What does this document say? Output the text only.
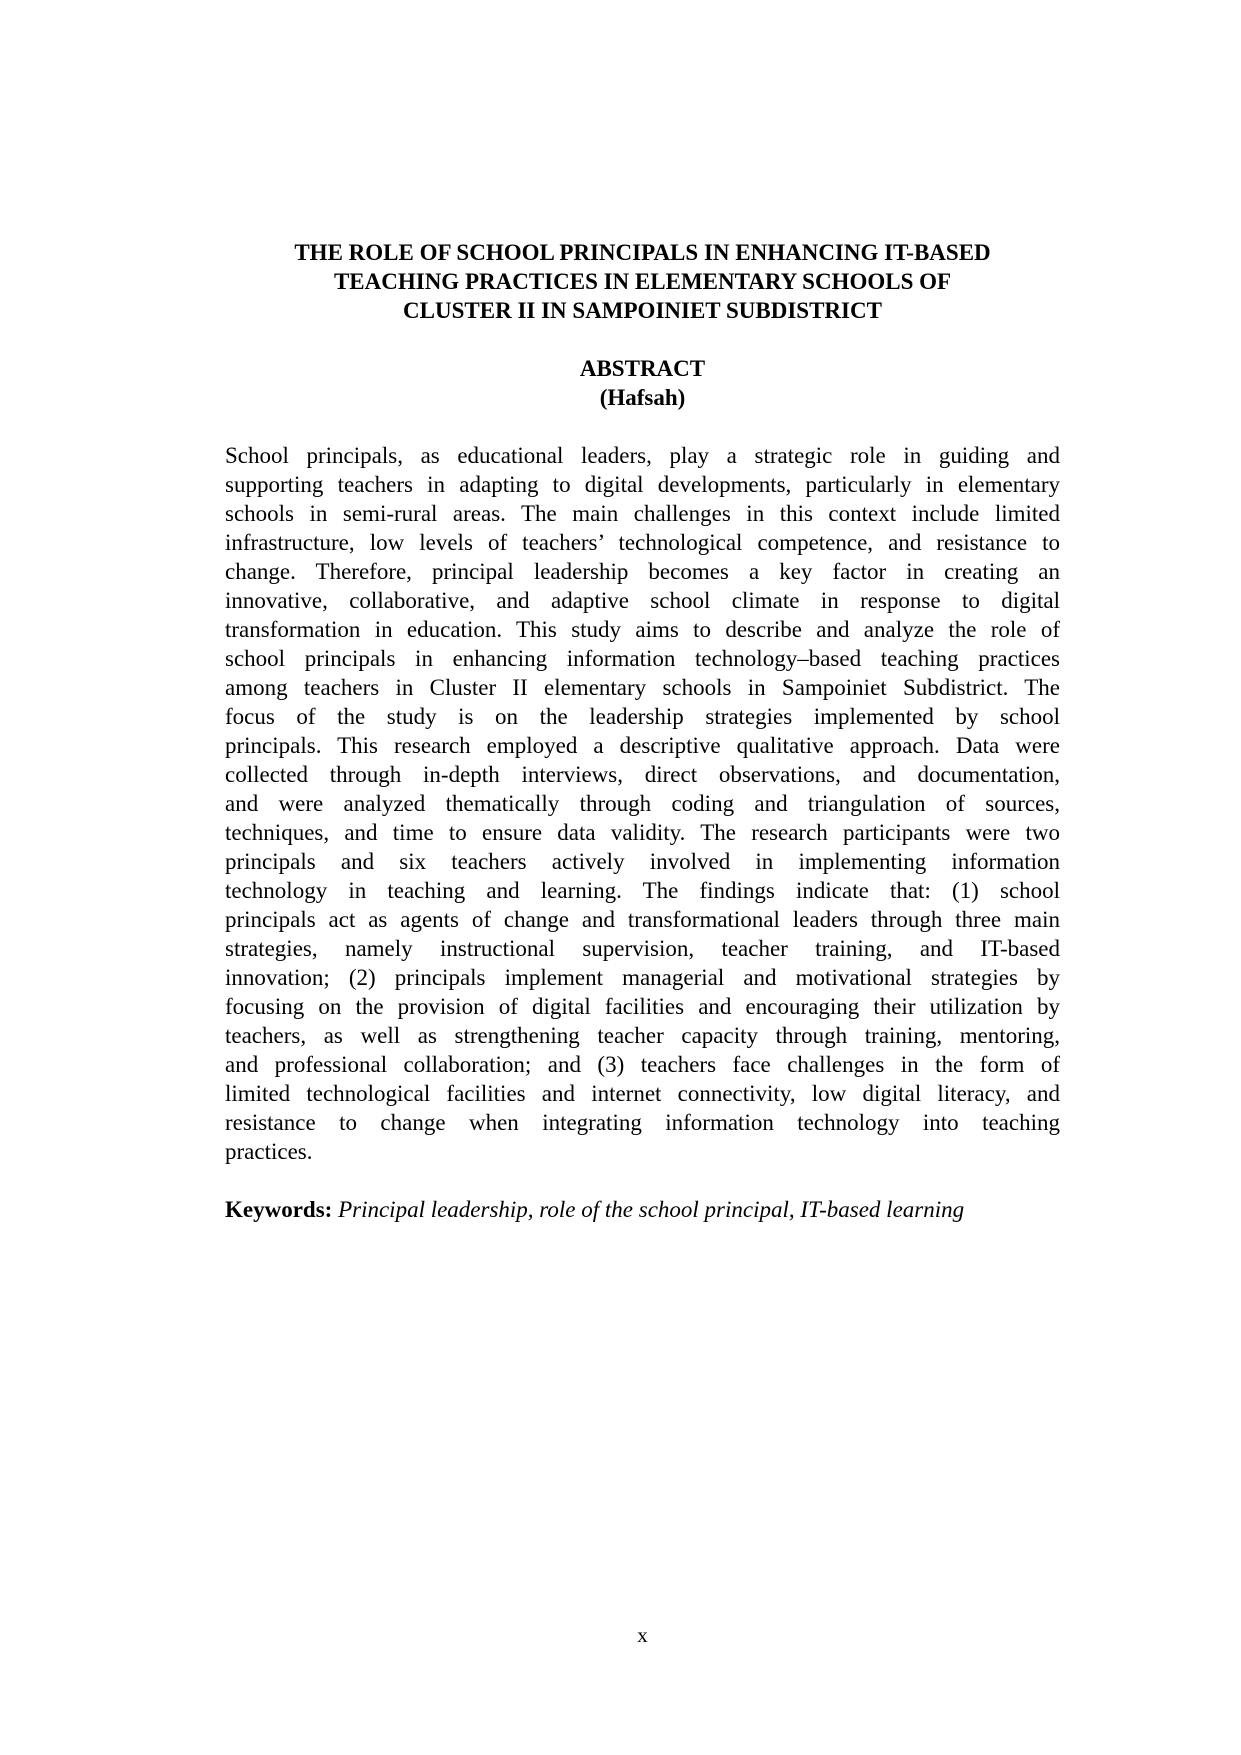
THE ROLE OF SCHOOL PRINCIPALS IN ENHANCING IT-BASED
TEACHING PRACTICES IN ELEMENTARY SCHOOLS OF
CLUSTER II IN SAMPOINIET SUBDISTRICT
ABSTRACT
(Hafsah)
School principals, as educational leaders, play a strategic role in guiding and
supporting teachers in adapting to digital developments, particularly in elementary
schools in semi-rural areas. The main challenges in this context include limited
infrastructure, low levels of teachers’ technological competence, and resistance to
change. Therefore, principal leadership becomes a key factor in creating an
innovative, collaborative, and adaptive school climate in response to digital
transformation in education. This study aims to describe and analyze the role of
school principals in enhancing information technology–based teaching practices
among teachers in Cluster II elementary schools in Sampoiniet Subdistrict. The
focus of the study is on the leadership strategies implemented by school
principals. This research employed a descriptive qualitative approach. Data were
collected through in-depth interviews, direct observations, and documentation,
and were analyzed thematically through coding and triangulation of sources,
techniques, and time to ensure data validity. The research participants were two
principals and six teachers actively involved in implementing information
technology in teaching and learning. The findings indicate that: (1) school
principals act as agents of change and transformational leaders through three main
strategies, namely instructional supervision, teacher training, and IT-based
innovation; (2) principals implement managerial and motivational strategies by
focusing on the provision of digital facilities and encouraging their utilization by
teachers, as well as strengthening teacher capacity through training, mentoring,
and professional collaboration; and (3) teachers face challenges in the form of
limited technological facilities and internet connectivity, low digital literacy, and
resistance to change when integrating information technology into teaching
practices.
Keywords: Principal leadership, role of the school principal, IT-based learning
x
